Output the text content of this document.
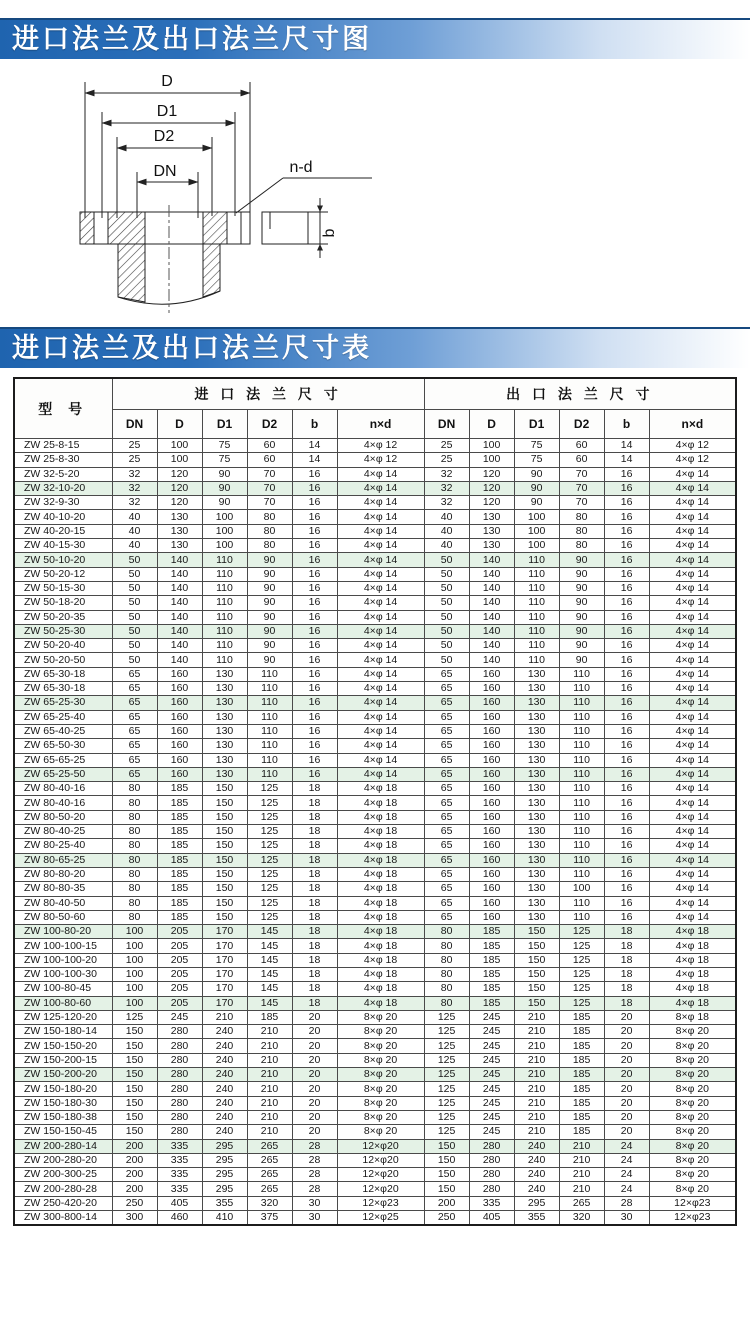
进口法兰及出口法兰尺寸图
D
D1
D2
DN	n-d
b
进口法兰及出口法兰尺寸表
型 号	进 口 法 兰 尺 寸						出 口 法 兰 尺 寸					
	DN	D	D1	D2	b	n×d	DN	D	D1	D2	b	n×d
ZW 25-8-15	25	100	75	60	14	4×φ 12	25	100	75	60	14	4×φ 12
ZW 25-8-30	25	100	75	60	14	4×φ 12	25	100	75	60	14	4×φ 12
ZW 32-5-20	32	120	90	70	16	4×φ 14	32	120	90	70	16	4×φ 14
ZW 32-10-20	32	120	90	70	16	4×φ 14	32	120	90	70	16	4×φ 14
ZW 32-9-30	32	120	90	70	16	4×φ 14	32	120	90	70	16	4×φ 14
ZW 40-10-20	40	130	100	80	16	4×φ 14	40	130	100	80	16	4×φ 14
ZW 40-20-15	40	130	100	80	16	4×φ 14	40	130	100	80	16	4×φ 14
ZW 40-15-30	40	130	100	80	16	4×φ 14	40	130	100	80	16	4×φ 14
ZW 50-10-20	50	140	110	90	16	4×φ 14	50	140	110	90	16	4×φ 14
ZW 50-20-12	50	140	110	90	16	4×φ 14	50	140	110	90	16	4×φ 14
ZW 50-15-30	50	140	110	90	16	4×φ 14	50	140	110	90	16	4×φ 14
ZW 50-18-20	50	140	110	90	16	4×φ 14	50	140	110	90	16	4×φ 14
ZW 50-20-35	50	140	110	90	16	4×φ 14	50	140	110	90	16	4×φ 14
ZW 50-25-30	50	140	110	90	16	4×φ 14	50	140	110	90	16	4×φ 14
ZW 50-20-40	50	140	110	90	16	4×φ 14	50	140	110	90	16	4×φ 14
ZW 50-20-50	50	140	110	90	16	4×φ 14	50	140	110	90	16	4×φ 14
ZW 65-30-18	65	160	130	110	16	4×φ 14	65	160	130	110	16	4×φ 14
ZW 65-30-18	65	160	130	110	16	4×φ 14	65	160	130	110	16	4×φ 14
ZW 65-25-30	65	160	130	110	16	4×φ 14	65	160	130	110	16	4×φ 14
ZW 65-25-40	65	160	130	110	16	4×φ 14	65	160	130	110	16	4×φ 14
ZW 65-40-25	65	160	130	110	16	4×φ 14	65	160	130	110	16	4×φ 14
ZW 65-50-30	65	160	130	110	16	4×φ 14	65	160	130	110	16	4×φ 14
ZW 65-65-25	65	160	130	110	16	4×φ 14	65	160	130	110	16	4×φ 14
ZW 65-25-50	65	160	130	110	16	4×φ 14	65	160	130	110	16	4×φ 14
ZW 80-40-16	80	185	150	125	18	4×φ 18	65	160	130	110	16	4×φ 14
ZW 80-40-16	80	185	150	125	18	4×φ 18	65	160	130	110	16	4×φ 14
ZW 80-50-20	80	185	150	125	18	4×φ 18	65	160	130	110	16	4×φ 14
ZW 80-40-25	80	185	150	125	18	4×φ 18	65	160	130	110	16	4×φ 14
ZW 80-25-40	80	185	150	125	18	4×φ 18	65	160	130	110	16	4×φ 14
ZW 80-65-25	80	185	150	125	18	4×φ 18	65	160	130	110	16	4×φ 14
ZW 80-80-20	80	185	150	125	18	4×φ 18	65	160	130	110	16	4×φ 14
ZW 80-80-35	80	185	150	125	18	4×φ 18	65	160	130	100	16	4×φ 14
ZW 80-40-50	80	185	150	125	18	4×φ 18	65	160	130	110	16	4×φ 14
ZW 80-50-60	80	185	150	125	18	4×φ 18	65	160	130	110	16	4×φ 14
ZW 100-80-20	100	205	170	145	18	4×φ 18	80	185	150	125	18	4×φ 18
ZW 100-100-15	100	205	170	145	18	4×φ 18	80	185	150	125	18	4×φ 18
ZW 100-100-20	100	205	170	145	18	4×φ 18	80	185	150	125	18	4×φ 18
ZW 100-100-30	100	205	170	145	18	4×φ 18	80	185	150	125	18	4×φ 18
ZW 100-80-45	100	205	170	145	18	4×φ 18	80	185	150	125	18	4×φ 18
ZW 100-80-60	100	205	170	145	18	4×φ 18	80	185	150	125	18	4×φ 18
ZW 125-120-20	125	245	210	185	20	8×φ 20	125	245	210	185	20	8×φ 18
ZW 150-180-14	150	280	240	210	20	8×φ 20	125	245	210	185	20	8×φ 20
ZW 150-150-20	150	280	240	210	20	8×φ 20	125	245	210	185	20	8×φ 20
ZW 150-200-15	150	280	240	210	20	8×φ 20	125	245	210	185	20	8×φ 20
ZW 150-200-20	150	280	240	210	20	8×φ 20	125	245	210	185	20	8×φ 20
ZW 150-180-20	150	280	240	210	20	8×φ 20	125	245	210	185	20	8×φ 20
ZW 150-180-30	150	280	240	210	20	8×φ 20	125	245	210	185	20	8×φ 20
ZW 150-180-38	150	280	240	210	20	8×φ 20	125	245	210	185	20	8×φ 20
ZW 150-150-45	150	280	240	210	20	8×φ 20	125	245	210	185	20	8×φ 20
ZW 200-280-14	200	335	295	265	28	12×φ20	150	280	240	210	24	8×φ 20
ZW 200-280-20	200	335	295	265	28	12×φ20	150	280	240	210	24	8×φ 20
ZW 200-300-25	200	335	295	265	28	12×φ20	150	280	240	210	24	8×φ 20
ZW 200-280-28	200	335	295	265	28	12×φ20	150	280	240	210	24	8×φ 20
ZW 250-420-20	250	405	355	320	30	12×φ23	200	335	295	265	28	12×φ23
ZW 300-800-14	300	460	410	375	30	12×φ25	250	405	355	320	30	12×φ23
